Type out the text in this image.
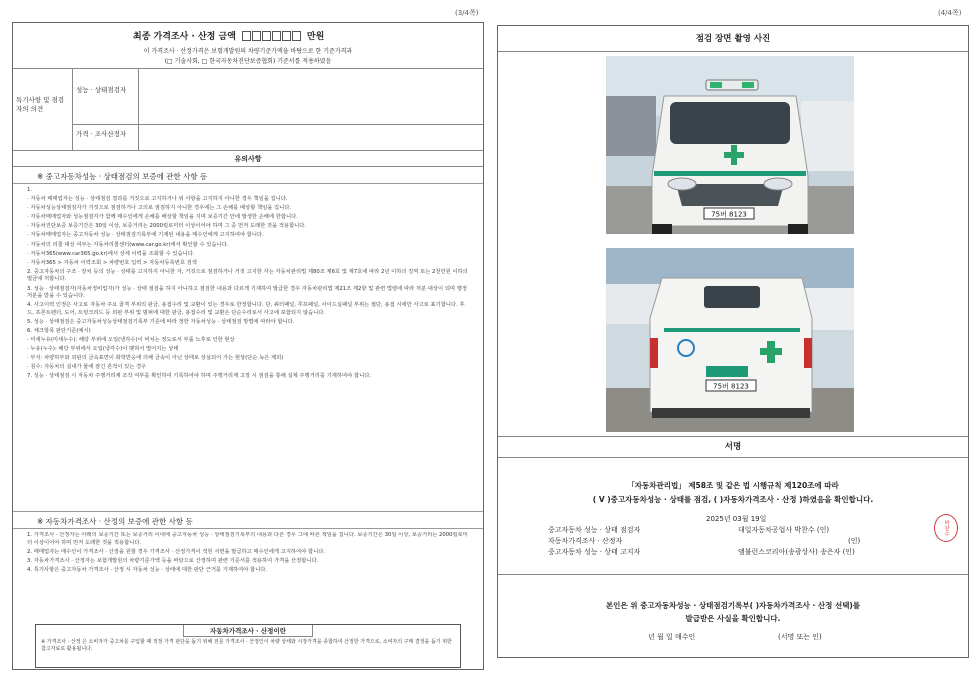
(3/4쪽)	(4/4쪽)
최종 가격조사 · 산정 금액	만원
이 가격조사 · 산정가격은 보험개발원의 차량기준가액을 바탕으로 한 기준가격과
(□ 기술사회, □ 한국자동차진단보증협회) 기준서를 적용하였음
특기사항 및 점검자의 의견
성능 · 상태점검자
가격 · 조사산정자
유의사항
※ 중고자동차성능 · 상태점검의 보증에 관한 사항 등
1.
· 자동차 매매업자는 성능 · 상태점검 결과를 거짓으로 고지하거나 위 사항을 고지하지 아니한 경우 책임을 집니다.
· 자동차성능상태점검자가 거짓으로 점검하거나 고의로 점검하지 아니한 경우에는 그 손해를 배상할 책임을 집니다.
· 자동차매매업자와 성능점검자가 함께 매수인에게 손해를 배상할 책임을 지며 보증기간 안에 발생한 손해에 한합니다.
· 자동차진단보증 보증기간은 30일 이상, 보증거리는 2000킬로미터 이상이어야 하며 그 중 먼저 도래한 것을 적용합니다.
· 자동차매매업자는 중고자동차 성능 · 상태점검기록부에 기재된 내용을 매수인에게 고지하여야 합니다.
· 자동차의 리콜 대상 여부는 자동차리콜센터(www.car.go.kr)에서 확인할 수 있습니다.
· 자동차365(www.car365.go.kr)에서 상세 이력을 조회할 수 있습니다.
· 자동차365 > 자동차 이력조회 > 차량번호 입력 > 자동차등록번호 검색
2. 중고자동차의 구조 · 장치 등의 성능 · 상태를 고지하지 아니한 자, 거짓으로 점검하거나 거짓 고지한 자는 자동차관리법 제80조 제6호 및 제7호에 따라 2년 이하의 징역 또는 2천만원 이하의 벌금에 처합니다.
3. 성능 · 상태점검자(자동차정비업자)가 성능 · 상태 점검을 하지 아니하고 점검한 내용과 다르게 기재하여 발급한 경우 자동차관리법 제21조 제2항 및 관련 법령에 따라 처분 대상이 되며 행정처분을 받을 수 있습니다.
4. 사고이력 인정은 사고로 자동차 주요 골격 부위의 판금, 용접수리 및 교환이 있는 경우로 한정합니다. 단, 쿼터패널, 루프패널, 사이드실패널 부위는 절단, 용접 시에만 사고로 표기합니다. 후드, 프론트펜더, 도어, 트렁크리드 등 외판 부위 및 범퍼에 대한 판금, 용접수리 및 교환은 단순수리로서 사고에 포함되지 않습니다.
5. 성능 · 상태점검은 중고자동차성능상태점검기록부 기준에 따라 정한 자동차성능 · 상태점검 방법에 따라야 합니다.
6. 체크항목 판단기준(예시)
· 미세누유(미세누수): 해당 부위에 오일(냉각수)이 비치는 정도로서 부품 노후로 인한 현상
· 누유(누수): 해당 부위에서 오일(냉각수)이 맺혀서 떨어지는 상태
· 부식: 차량하부와 외판의 금속표면이 화학반응에 의해 금속이 아닌 상태로 상실되어 가는 현상(단순 녹은 제외)
· 침수: 자동차의 실내가 물에 잠긴 흔적이 있는 경우
7. 성능 · 상태점검 시 자동차 주행거리계 조작 여부를 확인하여 기록하여야 하며 주행거리계 고장 시 점검을 통해 실제 주행거리를 기재하여야 합니다.
※ 자동차가격조사 · 산정의 보증에 관한 사항 등
1. 가격조사 · 산정자는 아래의 보증기간 또는 보증거리 이내에 중고자동차 성능 · 상태점검기록부의 내용과 다른 경우 그에 따른 책임을 집니다. 보증기간은 30일 이상, 보증거리는 2000킬로미터 이상이어야 하며 먼저 도래한 것을 적용합니다.
2. 매매업자는 매수인이 가격조사 · 산정을 원할 경우 가격조사 · 산정가격이 적힌 서면을 발급하고 매수인에게 고지하여야 합니다.
3. 자동차가격조사 · 산정자는 보험개발원의 차량기준가액 등을 바탕으로 산정하며 관련 기준서를 적용하여 가격을 산정합니다.
4. 특기사항은 중고자동차 가격조사 · 산정 시 자동차 성능 · 상태에 대한 판단 근거를 기재하여야 합니다.
자동차가격조사 · 산정이란
※ 가격조사 · 산정 은 소비자가 중고차를 구입할 때 적정 가격 판단을 돕기 위해 전문 가격조사 · 산정인이 차량 상태와 시장가격을 종합하여 산정한 가격으로, 소비자의 구매 결정을 돕기 위한 참고자료로 활용됩니다.
점검 장면 촬영 사진
75버 8123
75버 8123
서명
「자동차관리법」 제58조 및 같은 법 시행규칙 제120조에 따라
( V )중고자동차성능 · 상태를 점검, ( )자동차가격조사 · 산정 )하였음을 확인합니다.
2025년 03월 19일
중고자동차 성능 · 상태 점검자	대일자동차공업사 박찬수 (인)
자동차가격조사 · 산정자	(인)
중고자동차 성능 · 상태 고지자	앰뷸런스코리아(송광상사) 송은자 (인)
박찬수
본인은 위 중고자동차성능 · 상태점검기록부( )자동차가격조사 · 산정 선택)를
발급받은 사실을 확인합니다.
년 월 일 매수인	(서명 또는 인)
